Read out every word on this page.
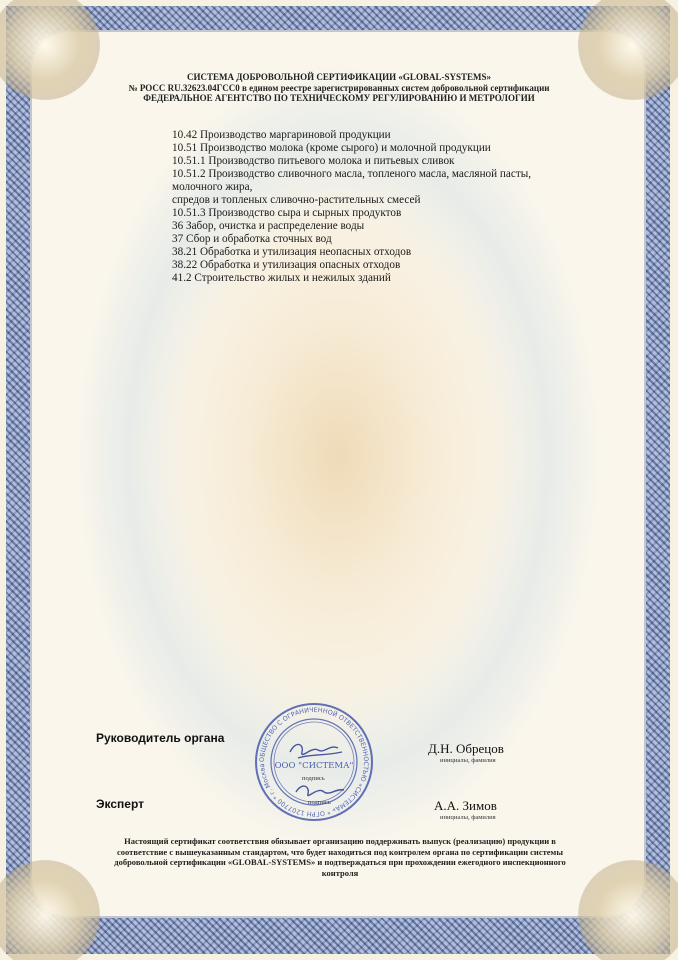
СИСТЕМА ДОБРОВОЛЬНОЙ СЕРТИФИКАЦИИ «GLOBAL-SYSTEMS»
№ РОСС RU.32623.04ГСС0 в едином реестре зарегистрированных систем добровольной сертификации
ФЕДЕРАЛЬНОЕ АГЕНТСТВО ПО ТЕХНИЧЕСКОМУ РЕГУЛИРОВАНИЮ И МЕТРОЛОГИИ
10.42 Производство маргариновой продукции
10.51 Производство молока (кроме сырого) и молочной продукции
10.51.1 Производство питьевого молока и питьевых сливок
10.51.2 Производство сливочного масла, топленого масла, масляной пасты, молочного жира,
спредов и топленых сливочно-растительных смесей
10.51.3 Производство сыра и сырных продуктов
36 Забор, очистка и распределение воды
37 Сбор и обработка сточных вод
38.21 Обработка и утилизация неопасных отходов
38.22 Обработка и утилизация опасных отходов
41.2 Строительство жилых и нежилых зданий
Руководитель органа
Д.Н. Обрецов
инициалы, фамилия
подпись
Эксперт	А.А. Зимов
инициалы, фамилия
подпись
ОБЩЕСТВО С ОГРАНИЧЕННОЙ ОТВЕТСТВЕННОСТЬЮ «СИСТЕМА» * ОГРН 1207700 * г. Москва ООО "СИСТЕМА"
Настоящий сертификат соответствия обязывает организацию поддерживать выпуск (реализацию) продукции в соответствие с вышеуказанным стандартом, что будет находиться под контролем органа по сертификации системы добровольной сертификации «GLOBAL-SYSTEMS» и подтверждаться при прохождении ежегодного инспекционного контроля
